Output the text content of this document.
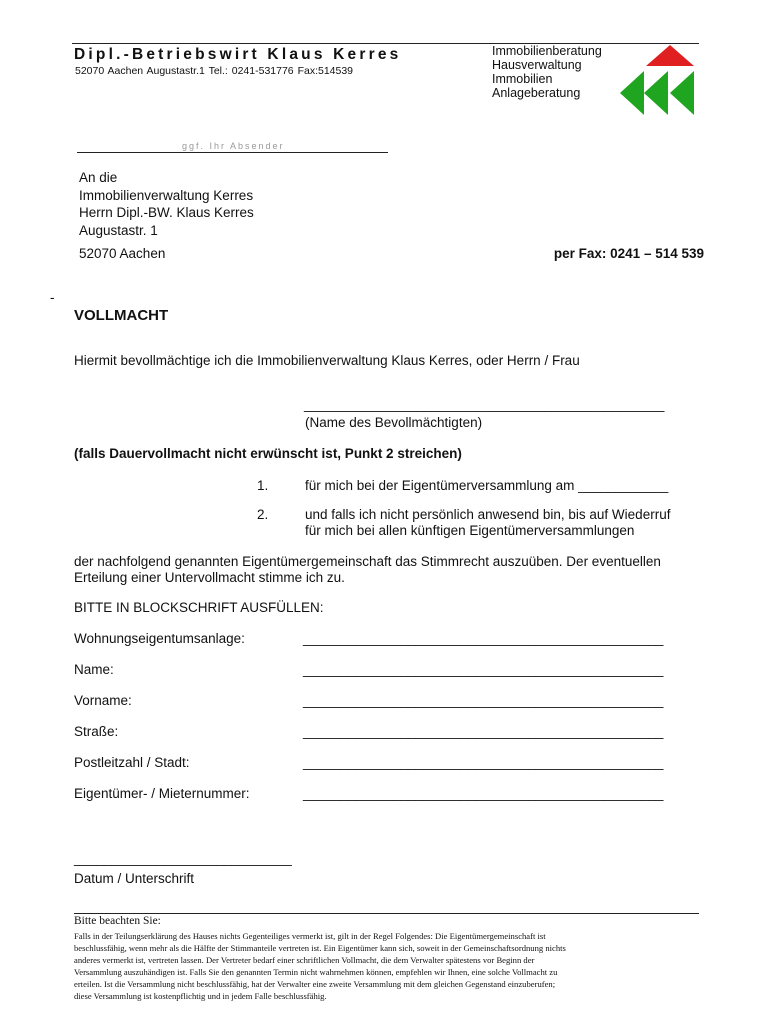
Dipl.-Betriebswirt Klaus Kerres
52070 Aachen Augustastr.1 Tel.: 0241-531776 Fax:514539
Immobilienberatung
Hausverwaltung
Immobilien
Anlageberatung
ggf. Ihr Absender
An die
Immobilienverwaltung Kerres
Herrn Dipl.-BW. Klaus Kerres
Augustastr. 1
52070 Aachen	per Fax: 0241 – 514 539
-
VOLLMACHT
Hiermit bevollmächtige ich die Immobilienverwaltung Klaus Kerres, oder Herrn / Frau
________________________________________________
(Name des Bevollmächtigten)
(falls Dauervollmacht nicht erwünscht ist, Punkt 2 streichen)
1.	für mich bei der Eigentümerversammlung am ____________
2.	und falls ich nicht persönlich anwesend bin, bis auf Wiederruf
für mich bei allen künftigen Eigentümerversammlungen
der nachfolgend genannten Eigentümergemeinschaft das Stimmrecht auszuüben. Der eventuellen
Erteilung einer Untervollmacht stimme ich zu.
BITTE IN BLOCKSCHRIFT AUSFÜLLEN:
Wohnungseigentumsanlage:	________________________________________________
Name:	________________________________________________
Vorname:	________________________________________________
Straße:	________________________________________________
Postleitzahl / Stadt:	________________________________________________
Eigentümer- / Mieternummer:	________________________________________________
_____________________________
Datum / Unterschrift
Bitte beachten Sie:
Falls in der Teilungserklärung des Hauses nichts Gegenteiliges vermerkt ist, gilt in der Regel Folgendes: Die Eigentümergemeinschaft ist
beschlussfähig, wenn mehr als die Hälfte der Stimmanteile vertreten ist. Ein Eigentümer kann sich, soweit in der Gemeinschaftsordnung nichts
anderes vermerkt ist, vertreten lassen. Der Vertreter bedarf einer schriftlichen Vollmacht, die dem Verwalter spätestens vor Beginn der
Versammlung auszuhändigen ist. Falls Sie den genannten Termin nicht wahrnehmen können, empfehlen wir Ihnen, eine solche Vollmacht zu
erteilen. Ist die Versammlung nicht beschlussfähig, hat der Verwalter eine zweite Versammlung mit dem gleichen Gegenstand einzuberufen;
diese Versammlung ist kostenpflichtig und in jedem Falle beschlussfähig.
